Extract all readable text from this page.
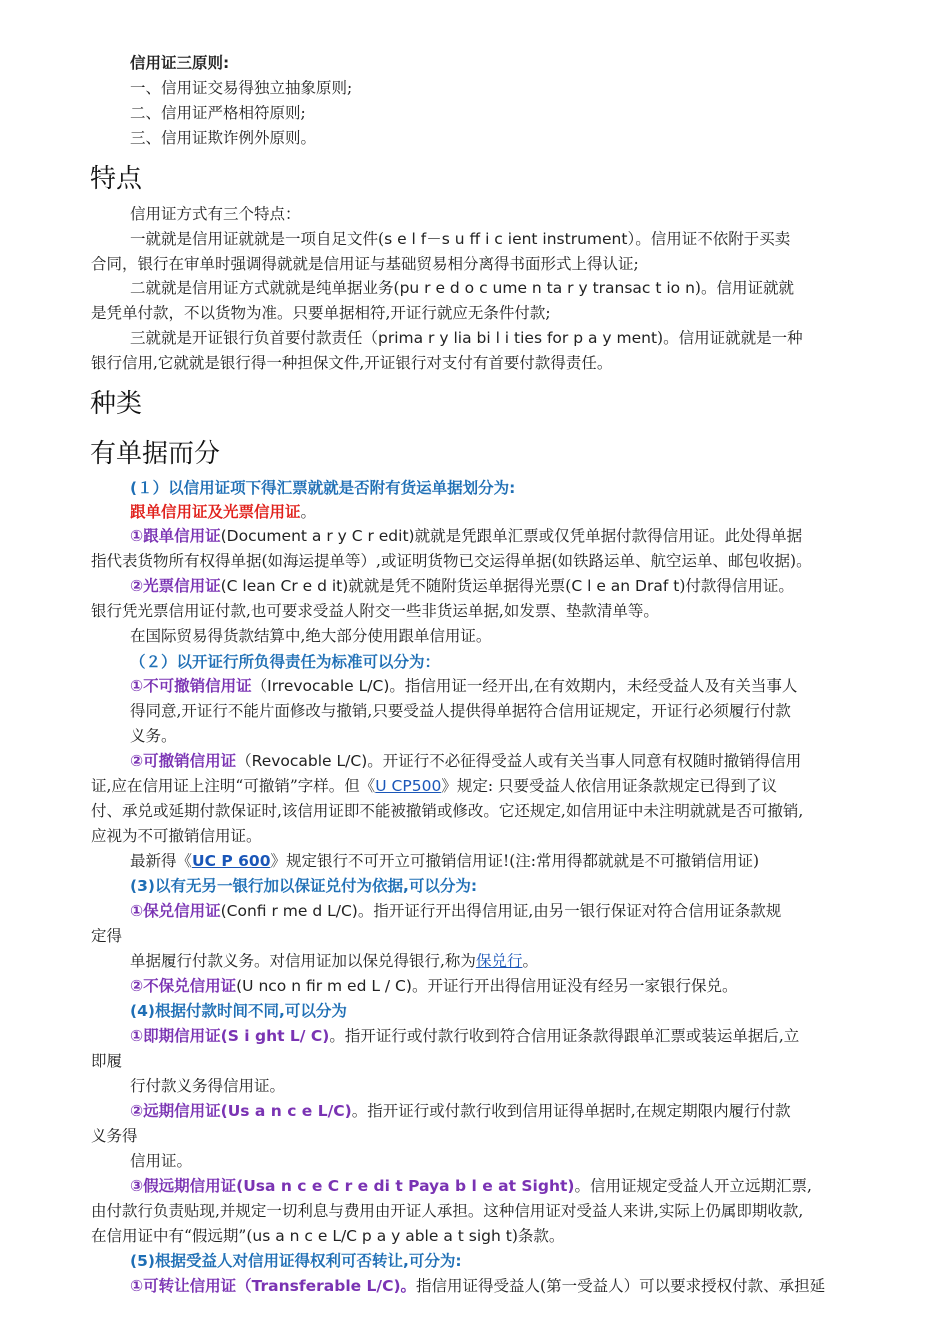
信用证三原则:
一、信用证交易得独立抽象原则;
二、信用证严格相符原则;
三、信用证欺诈例外原则。
特点
信用证方式有三个特点：
一就就是信用证就就是一项自足文件(s e l f－s u ff i c ient instrument）。信用证不依附于买卖
合同，银行在审单时强调得就就是信用证与基础贸易相分离得书面形式上得认证;
二就就是信用证方式就就是纯单据业务(pu r e d o c ume n ta r y transac t io n)。信用证就就
是凭单付款，不以货物为准。只要单据相符,开证行就应无条件付款;
三就就是开证银行负首要付款责任（prima r y lia bi l i ties for p a y ment)。信用证就就是一种
银行信用,它就就是银行得一种担保文件,开证银行对支付有首要付款得责任。
种类
有单据而分
(１）以信用证项下得汇票就就是否附有货运单据划分为:
跟单信用证及光票信用证。
①跟单信用证(Document a r y C r edit)就就是凭跟单汇票或仅凭单据付款得信用证。此处得单据
指代表货物所有权得单据(如海运提单等）,或证明货物已交运得单据(如铁路运单、航空运单、邮包收据)。
②光票信用证(C lean Cr e d it)就就是凭不随附货运单据得光票(C l e an Draf t)付款得信用证。
银行凭光票信用证付款,也可要求受益人附交一些非货运单据,如发票、垫款清单等。
在国际贸易得货款结算中,绝大部分使用跟单信用证。
（２）以开证行所负得责任为标准可以分为：
①不可撤销信用证（Irrevocable L/C)。指信用证一经开出,在有效期内，未经受益人及有关当事人
得同意,开证行不能片面修改与撤销,只要受益人提供得单据符合信用证规定，开证行必须履行付款
义务。
②可撤销信用证（Revocable L/C)。开证行不必征得受益人或有关当事人同意有权随时撤销得信用
证,应在信用证上注明“可撤销”字样。但《U CP500》规定: 只要受益人依信用证条款规定已得到了议
付、承兑或延期付款保证时,该信用证即不能被撤销或修改。它还规定,如信用证中未注明就就是否可撤销,
应视为不可撤销信用证。
最新得《UC P 600》规定银行不可开立可撤销信用证!(注:常用得都就就是不可撤销信用证)
(3)以有无另一银行加以保证兑付为依据,可以分为:
①保兑信用证(Confi r me d L/C)。指开证行开出得信用证,由另一银行保证对符合信用证条款规
定得
单据履行付款义务。对信用证加以保兑得银行,称为保兑行。
②不保兑信用证(U nco n fir m ed L / C)。开证行开出得信用证没有经另一家银行保兑。
(4)根据付款时间不同,可以分为
①即期信用证(S i ght L/ C)。指开证行或付款行收到符合信用证条款得跟单汇票或装运单据后,立
即履
行付款义务得信用证。
②远期信用证(Us a n c e L/C)。指开证行或付款行收到信用证得单据时,在规定期限内履行付款
义务得
信用证。
③假远期信用证(Usa n c e C r e di t Paya b l e at Sight)。信用证规定受益人开立远期汇票,
由付款行负责贴现,并规定一切利息与费用由开证人承担。这种信用证对受益人来讲,实际上仍属即期收款,
在信用证中有“假远期”(us a n c e L/C p a y able a t sigh t)条款。
(5)根据受益人对信用证得权利可否转让,可分为:
①可转让信用证（Transferable L/C)。指信用证得受益人(第一受益人）可以要求授权付款、承担延
